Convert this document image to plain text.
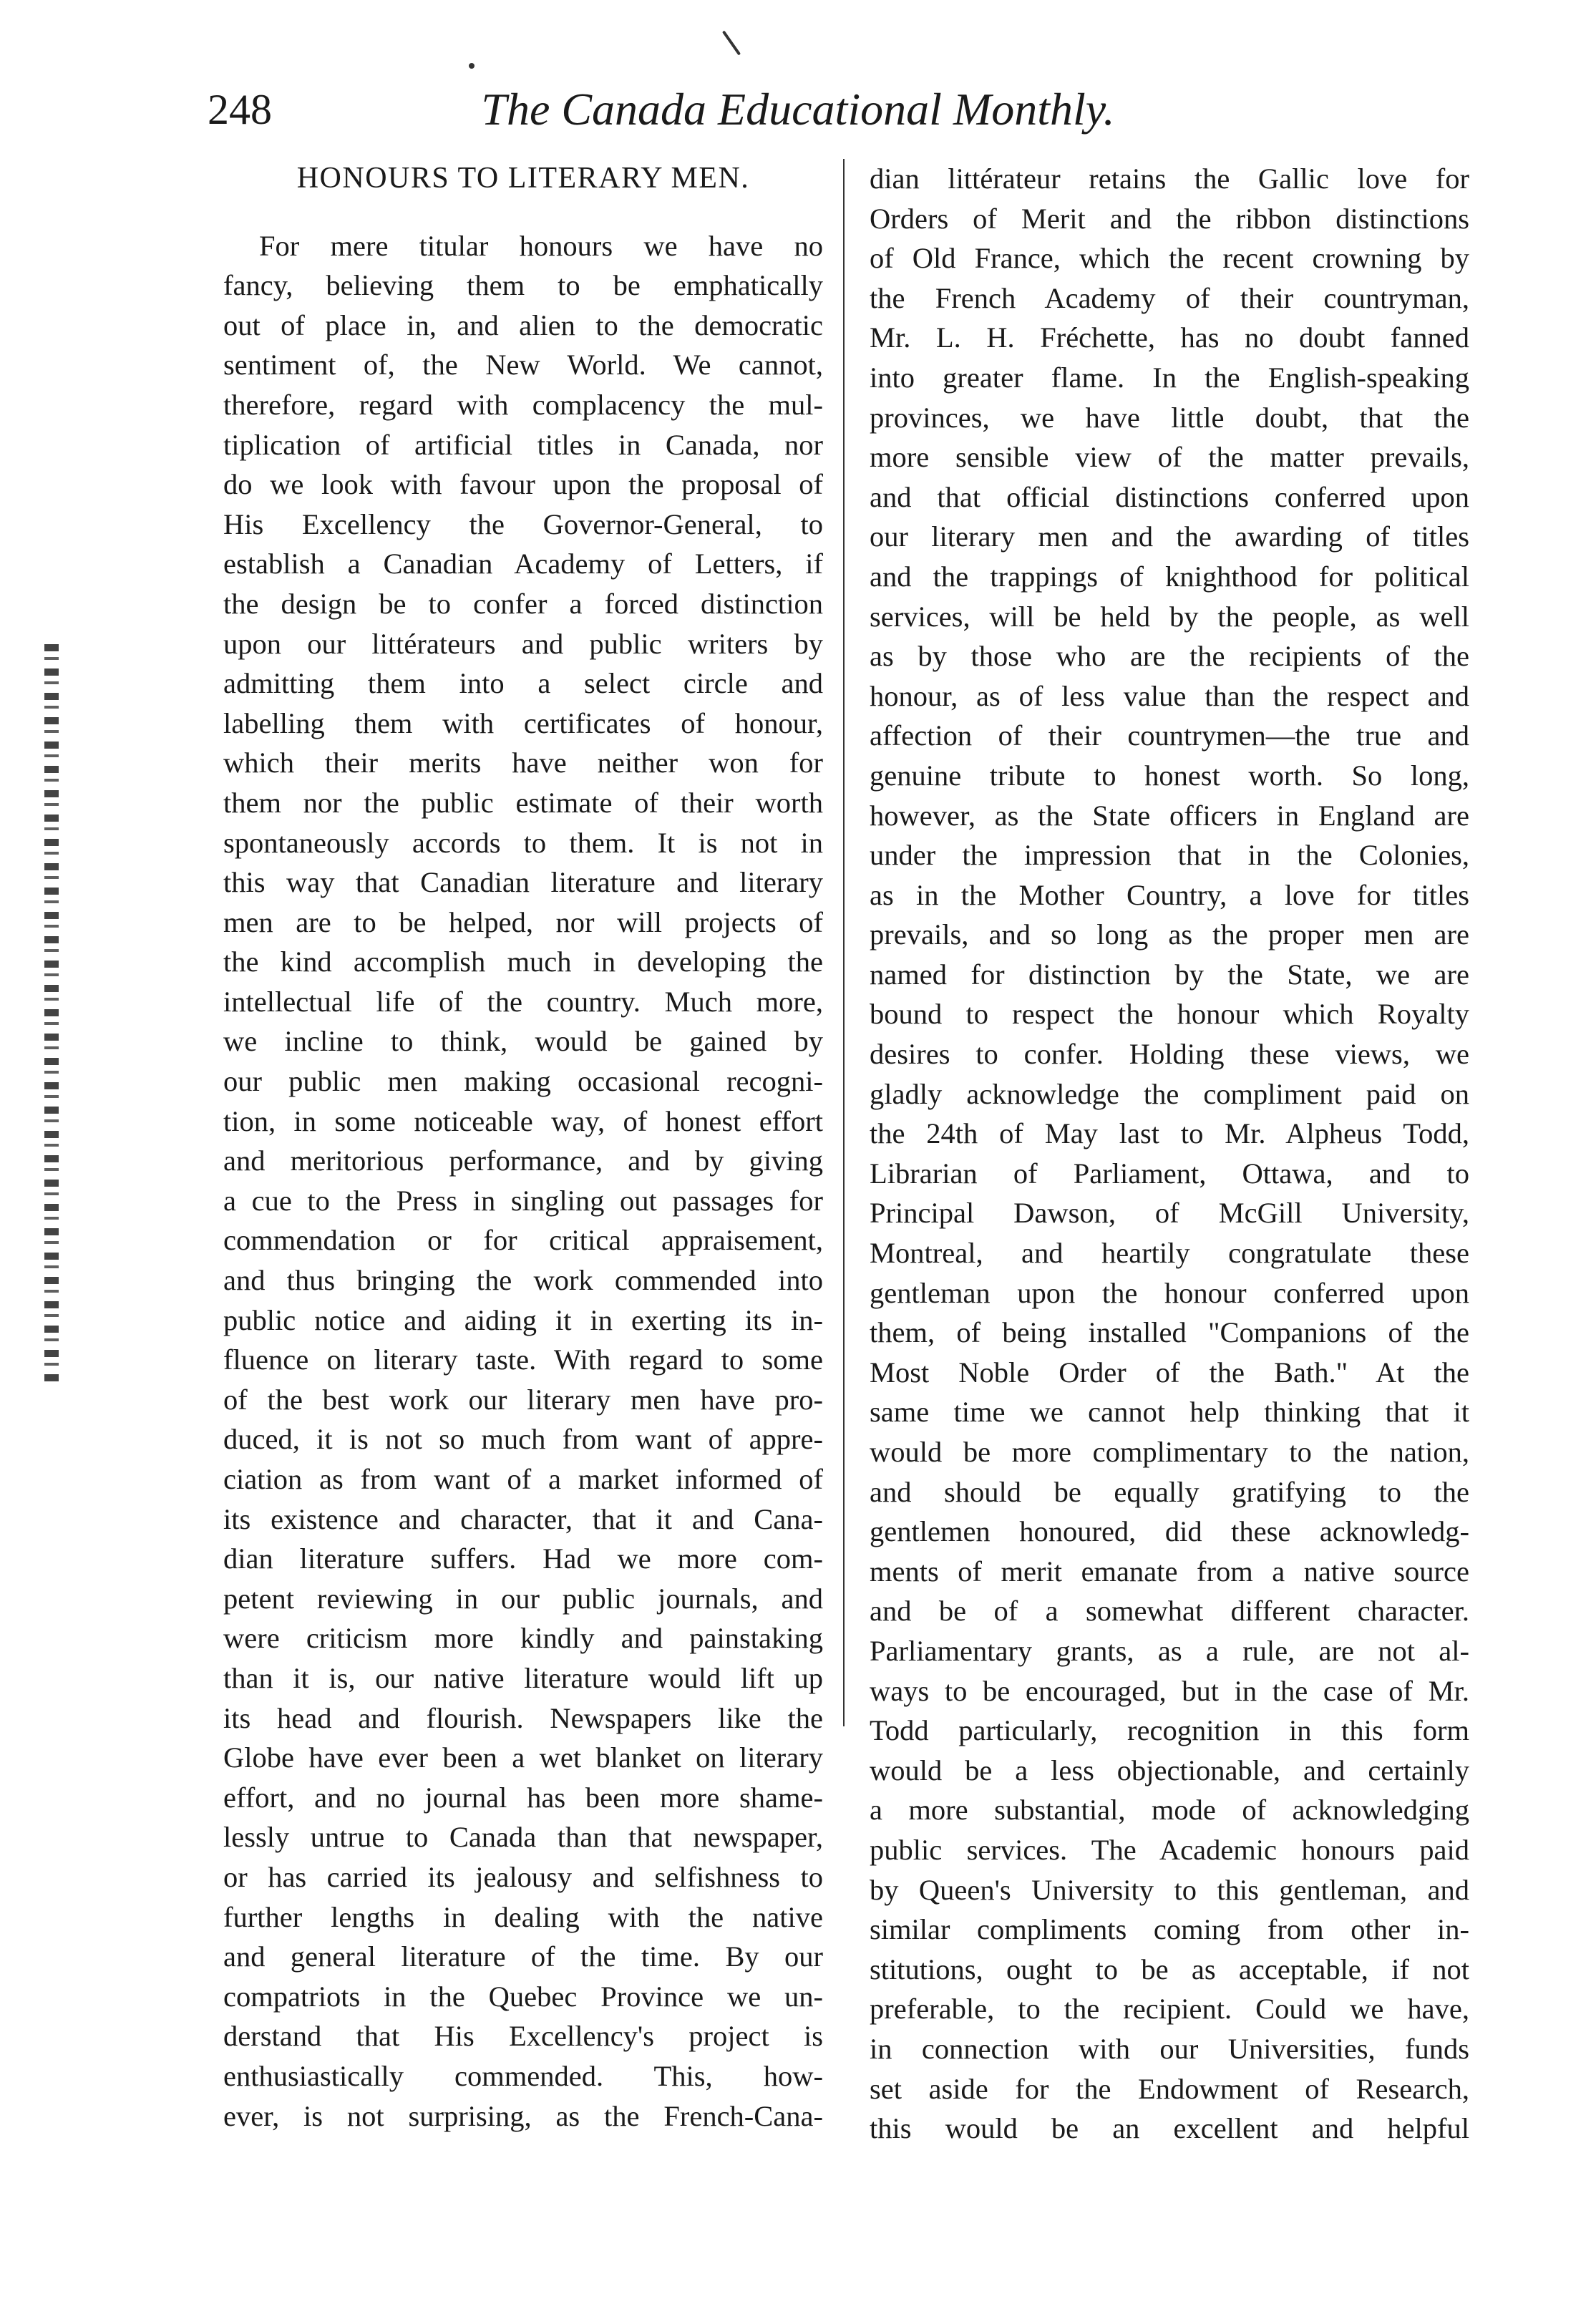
248	The Canada Educational Monthly.
HONOURS TO LITERARY MEN.
For mere titular honours we have no
fancy, believing them to be emphatically
out of place in, and alien to the democratic
sentiment of, the New World. We cannot,
therefore, regard with complacency the mul-
tiplication of artificial titles in Canada, nor
do we look with favour upon the proposal of
His Excellency the Governor-General, to
establish a Canadian Academy of Letters, if
the design be to confer a forced distinction
upon our littérateurs and public writers by
admitting them into a select circle and
labelling them with certificates of honour,
which their merits have neither won for
them nor the public estimate of their worth
spontaneously accords to them. It is not in
this way that Canadian literature and literary
men are to be helped, nor will projects of
the kind accomplish much in developing the
intellectual life of the country. Much more,
we incline to think, would be gained by
our public men making occasional recogni-
tion, in some noticeable way, of honest effort
and meritorious performance, and by giving
a cue to the Press in singling out passages for
commendation or for critical appraisement,
and thus bringing the work commended into
public notice and aiding it in exerting its in-
fluence on literary taste. With regard to some
of the best work our literary men have pro-
duced, it is not so much from want of appre-
ciation as from want of a market informed of
its existence and character, that it and Cana-
dian literature suffers. Had we more com-
petent reviewing in our public journals, and
were criticism more kindly and painstaking
than it is, our native literature would lift up
its head and flourish. Newspapers like the
Globe have ever been a wet blanket on literary
effort, and no journal has been more shame-
lessly untrue to Canada than that newspaper,
or has carried its jealousy and selfishness to
further lengths in dealing with the native
and general literature of the time. By our
compatriots in the Quebec Province we un-
derstand that His Excellency's project is
enthusiastically commended. This, how-
ever, is not surprising, as the French-Cana-
dian littérateur retains the Gallic love for
Orders of Merit and the ribbon distinctions
of Old France, which the recent crowning by
the French Academy of their countryman,
Mr. L. H. Fréchette, has no doubt fanned
into greater flame. In the English-speaking
provinces, we have little doubt, that the
more sensible view of the matter prevails,
and that official distinctions conferred upon
our literary men and the awarding of titles
and the trappings of knighthood for political
services, will be held by the people, as well
as by those who are the recipients of the
honour, as of less value than the respect and
affection of their countrymen—the true and
genuine tribute to honest worth. So long,
however, as the State officers in England are
under the impression that in the Colonies,
as in the Mother Country, a love for titles
prevails, and so long as the proper men are
named for distinction by the State, we are
bound to respect the honour which Royalty
desires to confer. Holding these views, we
gladly acknowledge the compliment paid on
the 24th of May last to Mr. Alpheus Todd,
Librarian of Parliament, Ottawa, and to
Principal Dawson, of McGill University,
Montreal, and heartily congratulate these
gentleman upon the honour conferred upon
them, of being installed "Companions of the
Most Noble Order of the Bath." At the
same time we cannot help thinking that it
would be more complimentary to the nation,
and should be equally gratifying to the
gentlemen honoured, did these acknowledg-
ments of merit emanate from a native source
and be of a somewhat different character.
Parliamentary grants, as a rule, are not al-
ways to be encouraged, but in the case of Mr.
Todd particularly, recognition in this form
would be a less objectionable, and certainly
a more substantial, mode of acknowledging
public services. The Academic honours paid
by Queen's University to this gentleman, and
similar compliments coming from other in-
stitutions, ought to be as acceptable, if not
preferable, to the recipient. Could we have,
in connection with our Universities, funds
set aside for the Endowment of Research,
this would be an excellent and helpful
